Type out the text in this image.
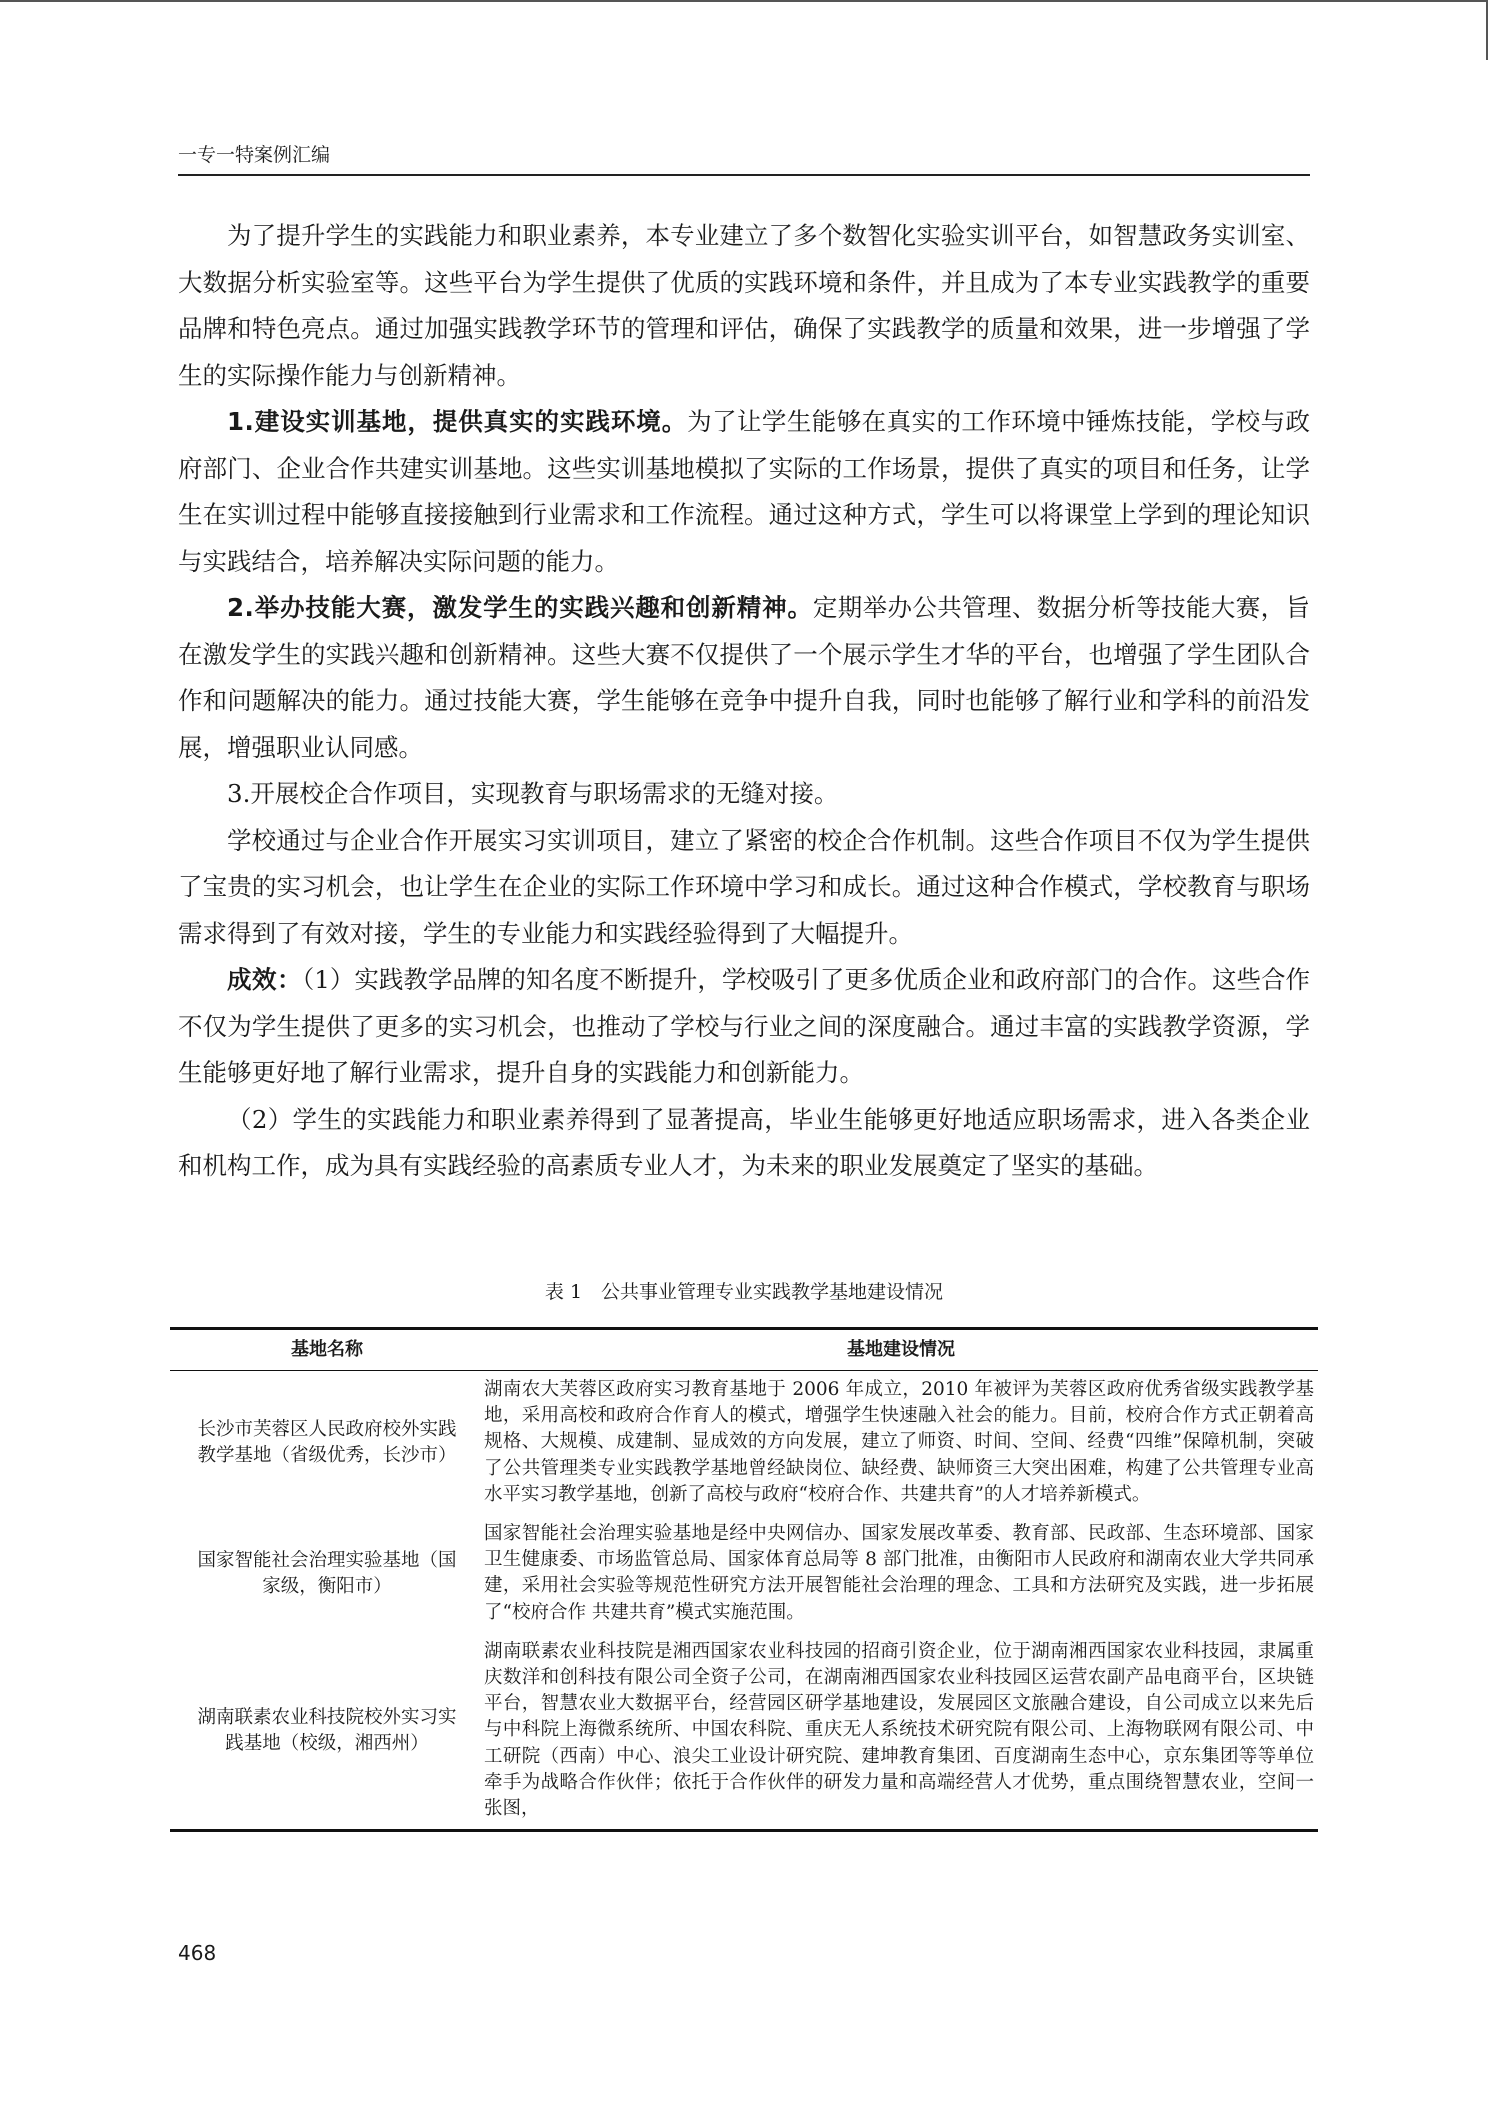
一专一特案例汇编

为了提升学生的实践能力和职业素养，本专业建立了多个数智化实验实训平台，如智慧政务实训室、大数据分析实验室等。这些平台为学生提供了优质的实践环境和条件，并且成为了本专业实践教学的重要品牌和特色亮点。通过加强实践教学环节的管理和评估，确保了实践教学的质量和效果，进一步增强了学生的实际操作能力与创新精神。

1.建设实训基地，提供真实的实践环境。为了让学生能够在真实的工作环境中锤炼技能，学校与政府部门、企业合作共建实训基地。这些实训基地模拟了实际的工作场景，提供了真实的项目和任务，让学生在实训过程中能够直接接触到行业需求和工作流程。通过这种方式，学生可以将课堂上学到的理论知识与实践结合，培养解决实际问题的能力。

2.举办技能大赛，激发学生的实践兴趣和创新精神。定期举办公共管理、数据分析等技能大赛，旨在激发学生的实践兴趣和创新精神。这些大赛不仅提供了一个展示学生才华的平台，也增强了学生团队合作和问题解决的能力。通过技能大赛，学生能够在竞争中提升自我，同时也能够了解行业和学科的前沿发展，增强职业认同感。

3.开展校企合作项目，实现教育与职场需求的无缝对接。

学校通过与企业合作开展实习实训项目，建立了紧密的校企合作机制。这些合作项目不仅为学生提供了宝贵的实习机会，也让学生在企业的实际工作环境中学习和成长。通过这种合作模式，学校教育与职场需求得到了有效对接，学生的专业能力和实践经验得到了大幅提升。

成效：（1）实践教学品牌的知名度不断提升，学校吸引了更多优质企业和政府部门的合作。这些合作不仅为学生提供了更多的实习机会，也推动了学校与行业之间的深度融合。通过丰富的实践教学资源，学生能够更好地了解行业需求，提升自身的实践能力和创新能力。

（2）学生的实践能力和职业素养得到了显著提高，毕业生能够更好地适应职场需求，进入各类企业和机构工作，成为具有实践经验的高素质专业人才，为未来的职业发展奠定了坚实的基础。

表 1　公共事业管理专业实践教学基地建设情况
基地名称	基地建设情况
长沙市芙蓉区人民政府校外实践教学基地（省级优秀，长沙市）	湖南农大芙蓉区政府实习教育基地于 2006 年成立，2010 年被评为芙蓉区政府优秀省级实践教学基地，采用高校和政府合作育人的模式，增强学生快速融入社会的能力。目前，校府合作方式正朝着高规格、大规模、成建制、显成效的方向发展，建立了师资、时间、空间、经费“四维”保障机制，突破了公共管理类专业实践教学基地曾经缺岗位、缺经费、缺师资三大突出困难，构建了公共管理专业高水平实习教学基地，创新了高校与政府“校府合作、共建共育”的人才培养新模式。
国家智能社会治理实验基地（国家级，衡阳市）	国家智能社会治理实验基地是经中央网信办、国家发展改革委、教育部、民政部、生态环境部、国家卫生健康委、市场监管总局、国家体育总局等 8 部门批准，由衡阳市人民政府和湖南农业大学共同承建，采用社会实验等规范性研究方法开展智能社会治理的理念、工具和方法研究及实践，进一步拓展了“校府合作 共建共育”模式实施范围。
湖南联素农业科技院校外实习实践基地（校级，湘西州）	湖南联素农业科技院是湘西国家农业科技园的招商引资企业，位于湖南湘西国家农业科技园，隶属重庆数洋和创科技有限公司全资子公司，在湖南湘西国家农业科技园区运营农副产品电商平台，区块链平台，智慧农业大数据平台，经营园区研学基地建设，发展园区文旅融合建设，自公司成立以来先后与中科院上海微系统所、中国农科院、重庆无人系统技术研究院有限公司、上海物联网有限公司、中工研院（西南）中心、浪尖工业设计研究院、建坤教育集团、百度湖南生态中心，京东集团等等单位牵手为战略合作伙伴；依托于合作伙伴的研发力量和高端经营人才优势，重点围绕智慧农业，空间一张图，
468
